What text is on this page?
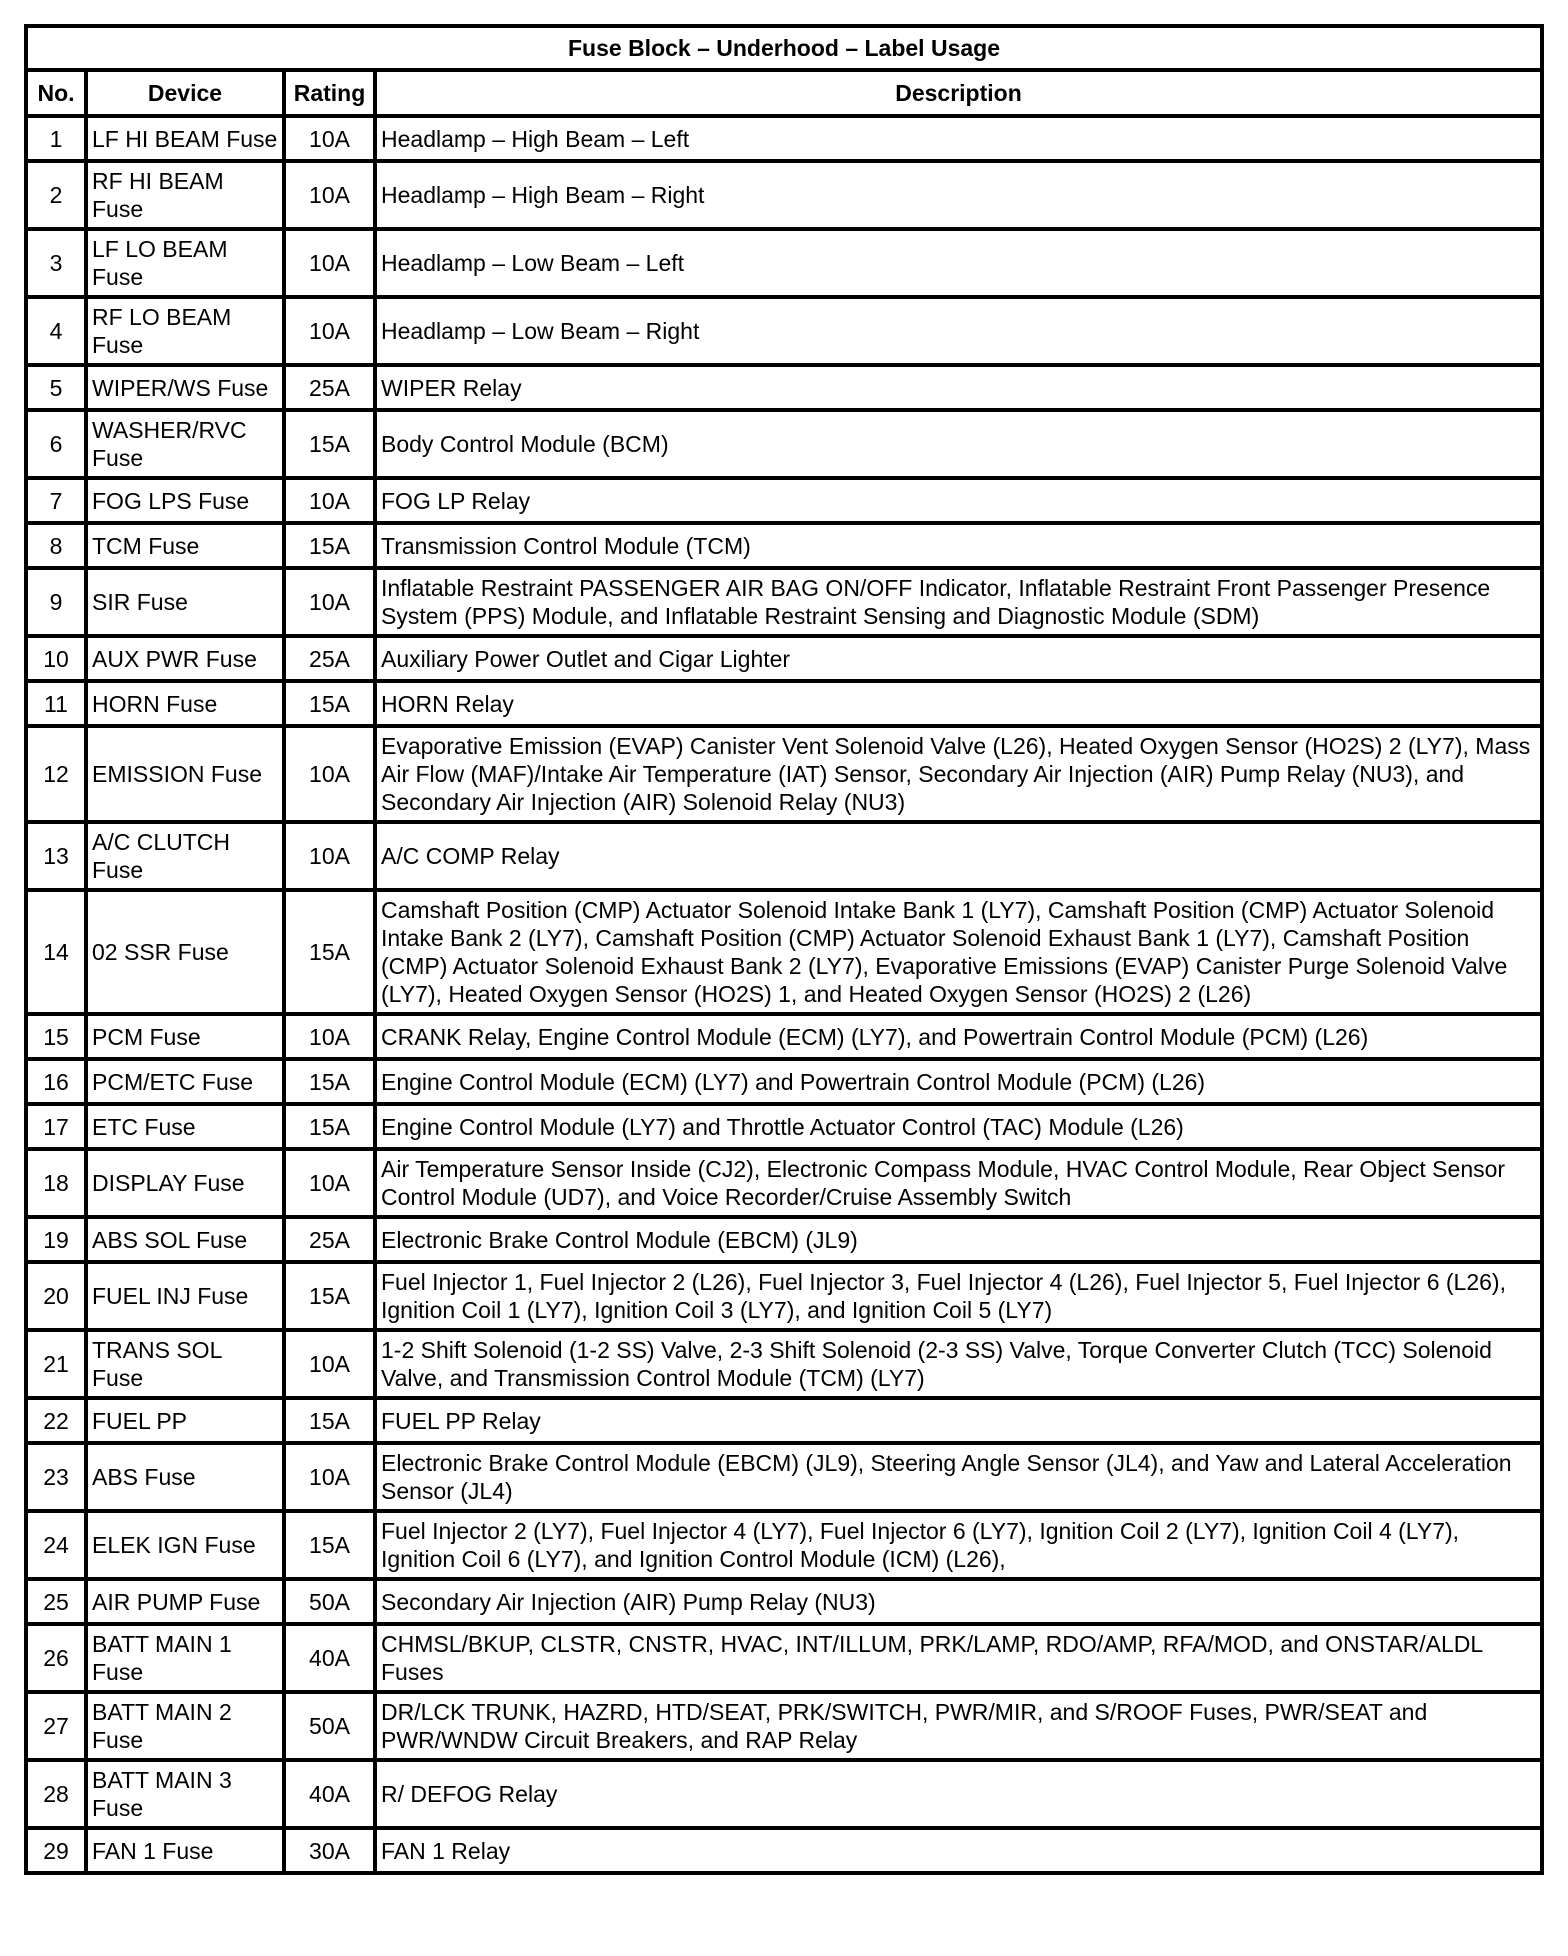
Fuse Block – Underhood – Label Usage			
No.	Device	Rating	Description
1	LF HI BEAM Fuse	10A	Headlamp – High Beam – Left
2	RF HI BEAM Fuse	10A	Headlamp – High Beam – Right
3	LF LO BEAM Fuse	10A	Headlamp – Low Beam – Left
4	RF LO BEAM Fuse	10A	Headlamp – Low Beam – Right
5	WIPER/WS Fuse	25A	WIPER Relay
6	WASHER/RVC Fuse	15A	Body Control Module (BCM)
7	FOG LPS Fuse	10A	FOG LP Relay
8	TCM Fuse	15A	Transmission Control Module (TCM)
9	SIR Fuse	10A	Inflatable Restraint PASSENGER AIR BAG ON/OFF Indicator, Inflatable Restraint Front Passenger Presence System (PPS) Module, and Inflatable Restraint Sensing and Diagnostic Module (SDM)
10	AUX PWR Fuse	25A	Auxiliary Power Outlet and Cigar Lighter
11	HORN Fuse	15A	HORN Relay
12	EMISSION Fuse	10A	Evaporative Emission (EVAP) Canister Vent Solenoid Valve (L26), Heated Oxygen Sensor (HO2S) 2 (LY7), Mass Air Flow (MAF)/Intake Air Temperature (IAT) Sensor, Secondary Air Injection (AIR) Pump Relay (NU3), and Secondary Air Injection (AIR) Solenoid Relay (NU3)
13	A/C CLUTCH Fuse	10A	A/C COMP Relay
14	02 SSR Fuse	15A	Camshaft Position (CMP) Actuator Solenoid Intake Bank 1 (LY7), Camshaft Position (CMP) Actuator Solenoid Intake Bank 2 (LY7), Camshaft Position (CMP) Actuator Solenoid Exhaust Bank 1 (LY7), Camshaft Position (CMP) Actuator Solenoid Exhaust Bank 2 (LY7), Evaporative Emissions (EVAP) Canister Purge Solenoid Valve (LY7), Heated Oxygen Sensor (HO2S) 1, and Heated Oxygen Sensor (HO2S) 2 (L26)
15	PCM Fuse	10A	CRANK Relay, Engine Control Module (ECM) (LY7), and Powertrain Control Module (PCM) (L26)
16	PCM/ETC Fuse	15A	Engine Control Module (ECM) (LY7) and Powertrain Control Module (PCM) (L26)
17	ETC Fuse	15A	Engine Control Module (LY7) and Throttle Actuator Control (TAC) Module (L26)
18	DISPLAY Fuse	10A	Air Temperature Sensor Inside (CJ2), Electronic Compass Module, HVAC Control Module, Rear Object Sensor Control Module (UD7), and Voice Recorder/Cruise Assembly Switch
19	ABS SOL Fuse	25A	Electronic Brake Control Module (EBCM) (JL9)
20	FUEL INJ Fuse	15A	Fuel Injector 1, Fuel Injector 2 (L26), Fuel Injector 3, Fuel Injector 4 (L26), Fuel Injector 5, Fuel Injector 6 (L26), Ignition Coil 1 (LY7), Ignition Coil 3 (LY7), and Ignition Coil 5 (LY7)
21	TRANS SOL Fuse	10A	1-2 Shift Solenoid (1-2 SS) Valve, 2-3 Shift Solenoid (2-3 SS) Valve, Torque Converter Clutch (TCC) Solenoid Valve, and Transmission Control Module (TCM) (LY7)
22	FUEL PP	15A	FUEL PP Relay
23	ABS Fuse	10A	Electronic Brake Control Module (EBCM) (JL9), Steering Angle Sensor (JL4), and Yaw and Lateral Acceleration Sensor (JL4)
24	ELEK IGN Fuse	15A	Fuel Injector 2 (LY7), Fuel Injector 4 (LY7), Fuel Injector 6 (LY7), Ignition Coil 2 (LY7), Ignition Coil 4 (LY7), Ignition Coil 6 (LY7), and Ignition Control Module (ICM) (L26),
25	AIR PUMP Fuse	50A	Secondary Air Injection (AIR) Pump Relay (NU3)
26	BATT MAIN 1 Fuse	40A	CHMSL/BKUP, CLSTR, CNSTR, HVAC, INT/ILLUM, PRK/LAMP, RDO/AMP, RFA/MOD, and ONSTAR/ALDL Fuses
27	BATT MAIN 2 Fuse	50A	DR/LCK TRUNK, HAZRD, HTD/SEAT, PRK/SWITCH, PWR/MIR, and S/ROOF Fuses, PWR/SEAT and PWR/WNDW Circuit Breakers, and RAP Relay
28	BATT MAIN 3 Fuse	40A	R/ DEFOG Relay
29	FAN 1 Fuse	30A	FAN 1 Relay
